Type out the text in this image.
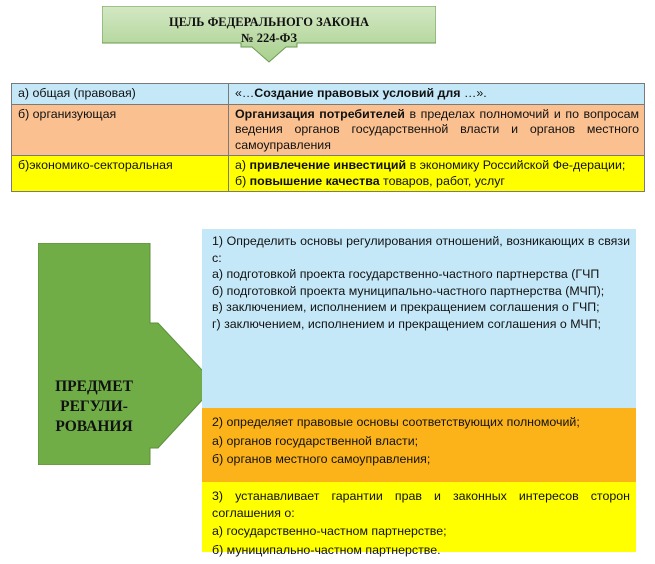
ЦЕЛЬ ФЕДЕРАЛЬНОГО ЗАКОНА
№ 224-ФЗ
а) общая (правовая)	«…Создание правовых условий для …».
б) организующая	Организация потребителей в пределах полномочий и по вопросам ведения органов государственной власти и органов местного самоуправления
б)экономико-секторальная	а) привлечение инвестиций в экономику Российской Фе-дерации;
б) повышение качества товаров, работ, услуг
ПРЕДМЕТ
РЕГУЛИ-
РОВАНИЯ

1) Определить основы регулирования отношений, возникающих в связи с:

а) подготовкой проекта государственно-частного партнерства (ГЧП

б) подготовкой проекта муниципально-частного партнерства (МЧП);

в) заключением, исполнением и прекращением соглашения о ГЧП;

г) заключением, исполнением и прекращением соглашения о МЧП;

2) определяет правовые основы соответствующих полномочий;

а) органов государственной власти;

б) органов местного самоуправления;

3) устанавливает гарантии прав и законных интересов сторон соглашения о:

а) государственно-частном партнерстве;

б) муниципально-частном партнерстве.
